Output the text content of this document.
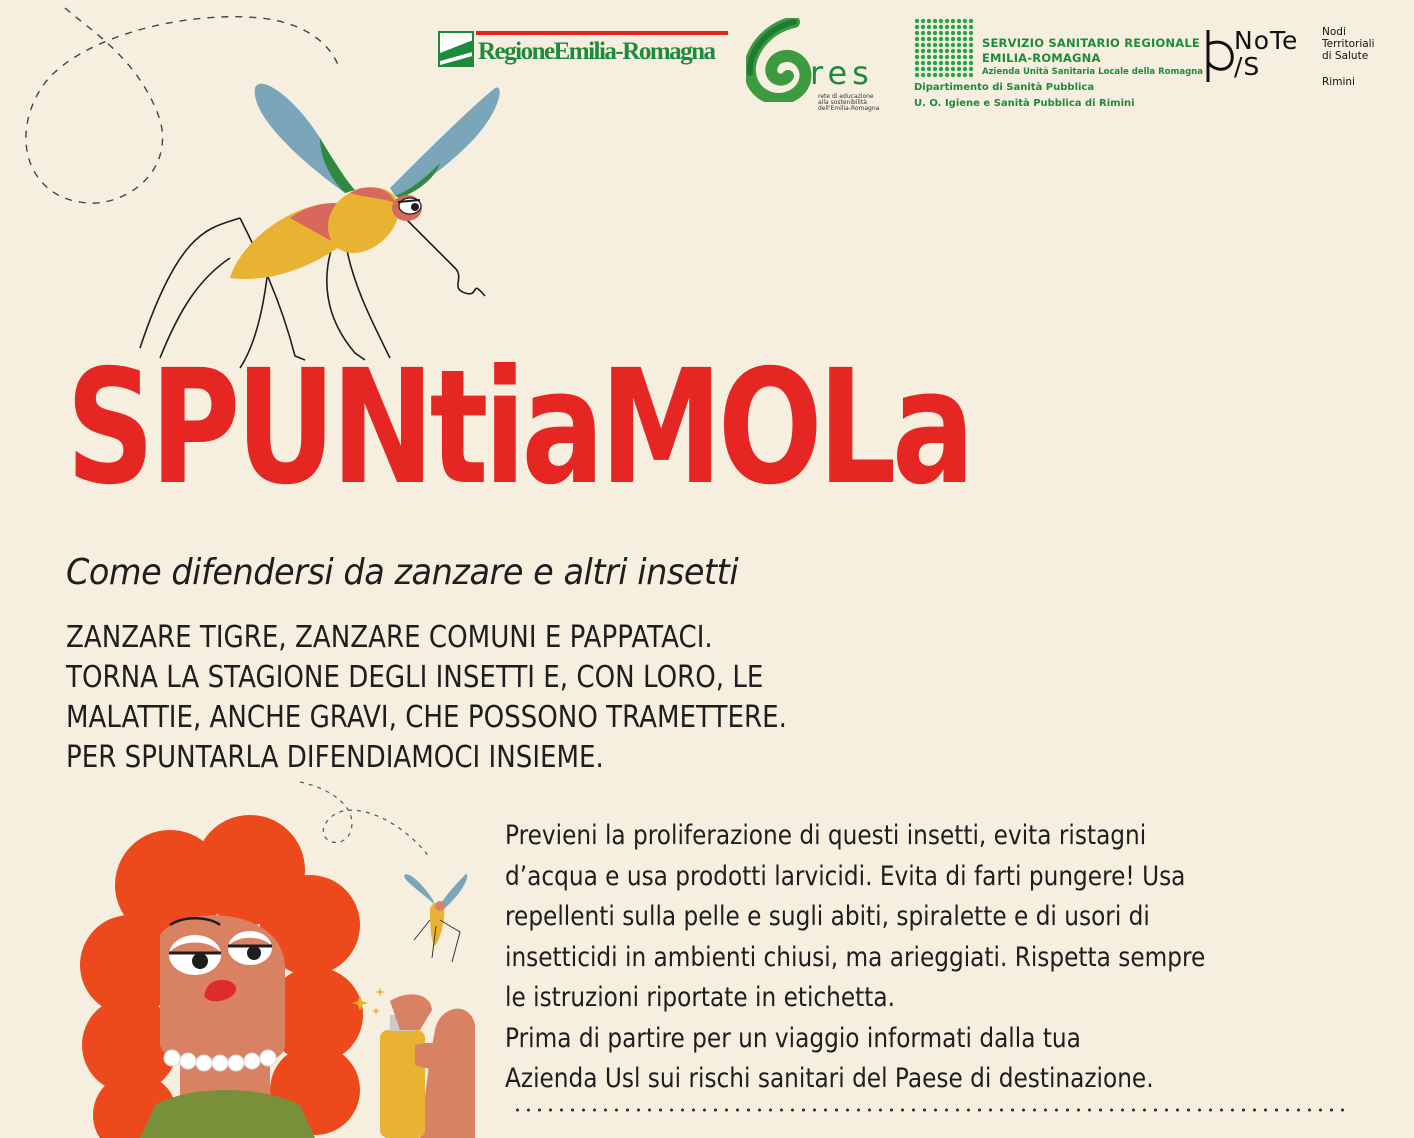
RegioneEmilia-Romagna
res
rete di educazione
alla sostenibilità
dell'Emilia-Romagna
SERVIZIO SANITARIO REGIONALE
EMILIA-ROMAGNA
Azienda Unità Sanitaria Locale della Romagna
Dipartimento di Sanità Pubblica
U. O. Igiene e Sanità Pubblica di Rimini
NoTe
/S
Nodi
Territoriali
di Salute
Rimini
SPUNtiaMOLa
Come difendersi da zanzare e altri insetti
ZANZARE TIGRE, ZANZARE COMUNI E PAPPATACI.
TORNA LA STAGIONE DEGLI INSETTI E, CON LORO, LE
MALATTIE, ANCHE GRAVI, CHE POSSONO TRAMETTERE.
PER SPUNTARLA DIFENDIAMOCI INSIEME.
Previeni la proliferazione di questi insetti, evita ristagni
d’acqua e usa prodotti larvicidi. Evita di farti pungere! Usa
repellenti sulla pelle e sugli abiti, spiralette e di usori di
insetticidi in ambienti chiusi, ma arieggiati. Rispetta sempre
le istruzioni riportate in etichetta.
Prima di partire per un viaggio informati dalla tua
Azienda Usl sui rischi sanitari del Paese di destinazione.
